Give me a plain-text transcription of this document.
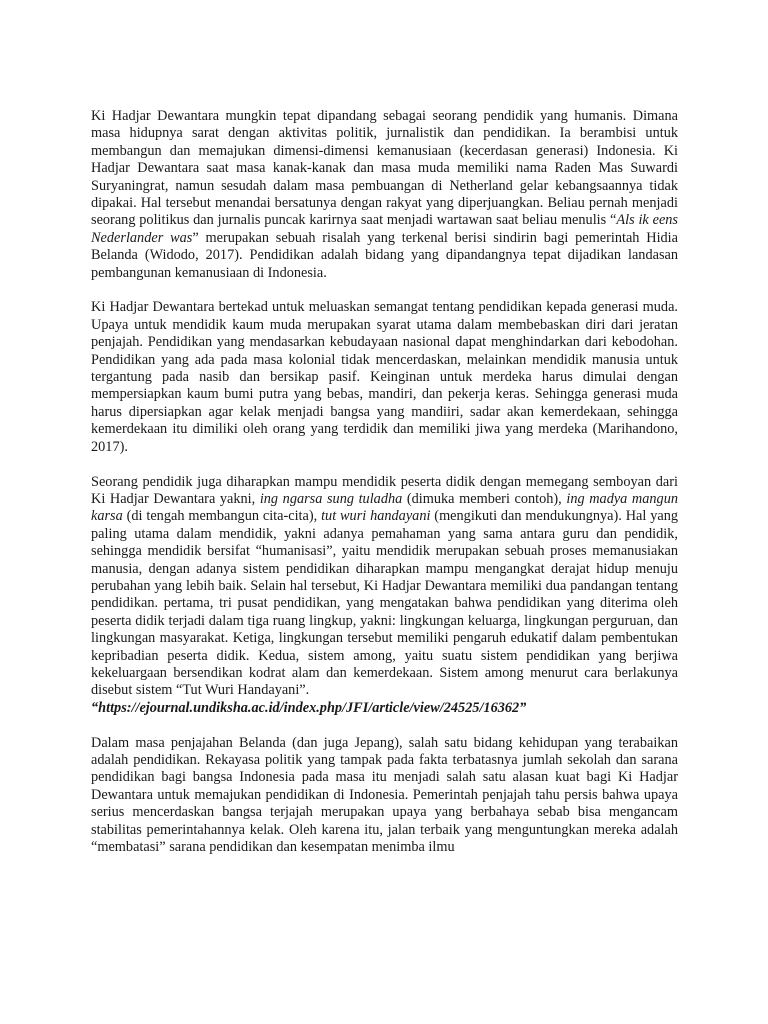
Ki Hadjar Dewantara mungkin tepat dipandang sebagai seorang pendidik yang humanis. Dimana masa hidupnya sarat dengan aktivitas politik, jurnalistik dan pendidikan. Ia berambisi untuk membangun dan memajukan dimensi-dimensi kemanusiaan (kecerdasan generasi) Indonesia. Ki Hadjar Dewantara saat masa kanak-kanak dan masa muda memiliki nama Raden Mas Suwardi Suryaningrat, namun sesudah dalam masa pembuangan di Netherland gelar kebangsaannya tidak dipakai. Hal tersebut menandai bersatunya dengan rakyat yang diperjuangkan. Beliau pernah menjadi seorang politikus dan jurnalis puncak karirnya saat menjadi wartawan saat beliau menulis “Als ik eens Nederlander was” merupakan sebuah risalah yang terkenal berisi sindirin bagi pemerintah Hidia Belanda (Widodo, 2017). Pendidikan adalah bidang yang dipandangnya tepat dijadikan landasan pembangunan kemanusiaan di Indonesia.

Ki Hadjar Dewantara bertekad untuk meluaskan semangat tentang pendidikan kepada generasi muda. Upaya untuk mendidik kaum muda merupakan syarat utama dalam membebaskan diri dari jeratan penjajah. Pendidikan yang mendasarkan kebudayaan nasional dapat menghindarkan dari kebodohan. Pendidikan yang ada pada masa kolonial tidak mencerdaskan, melainkan mendidik manusia untuk tergantung pada nasib dan bersikap pasif. Keinginan untuk merdeka harus dimulai dengan mempersiapkan kaum bumi putra yang bebas, mandiri, dan pekerja keras. Sehingga generasi muda harus dipersiapkan agar kelak menjadi bangsa yang mandiiri, sadar akan kemerdekaan, sehingga kemerdekaan itu dimiliki oleh orang yang terdidik dan memiliki jiwa yang merdeka (Marihandono, 2017).

Seorang pendidik juga diharapkan mampu mendidik peserta didik dengan memegang semboyan dari Ki Hadjar Dewantara yakni, ing ngarsa sung tuladha (dimuka memberi contoh), ing madya mangun karsa (di tengah membangun cita-cita), tut wuri handayani (mengikuti dan mendukungnya). Hal yang paling utama dalam mendidik, yakni adanya pemahaman yang sama antara guru dan pendidik, sehingga mendidik bersifat “humanisasi”, yaitu mendidik merupakan sebuah proses memanusiakan manusia, dengan adanya sistem pendidikan diharapkan mampu mengangkat derajat hidup menuju perubahan yang lebih baik. Selain hal tersebut, Ki Hadjar Dewantara memiliki dua pandangan tentang pendidikan. pertama, tri pusat pendidikan, yang mengatakan bahwa pendidikan yang diterima oleh peserta didik terjadi dalam tiga ruang lingkup, yakni: lingkungan keluarga, lingkungan perguruan, dan lingkungan masyarakat. Ketiga, lingkungan tersebut memiliki pengaruh edukatif dalam pembentukan kepribadian peserta didik. Kedua, sistem among, yaitu suatu sistem pendidikan yang berjiwa kekeluargaan bersendikan kodrat alam dan kemerdekaan. Sistem among menurut cara berlakunya disebut sistem “Tut Wuri Handayani”.

“https://ejournal.undiksha.ac.id/index.php/JFI/article/view/24525/16362”

Dalam masa penjajahan Belanda (dan juga Jepang), salah satu bidang kehidupan yang terabaikan adalah pendidikan. Rekayasa politik yang tampak pada fakta terbatasnya jumlah sekolah dan sarana pendidikan bagi bangsa Indonesia pada masa itu menjadi salah satu alasan kuat bagi Ki Hadjar Dewantara untuk memajukan pendidikan di Indonesia. Pemerintah penjajah tahu persis bahwa upaya serius mencerdaskan bangsa terjajah merupakan upaya yang berbahaya sebab bisa mengancam stabilitas pemerintahannya kelak. Oleh karena itu, jalan terbaik yang menguntungkan mereka adalah “membatasi” sarana pendidikan dan kesempatan menimba ilmu
